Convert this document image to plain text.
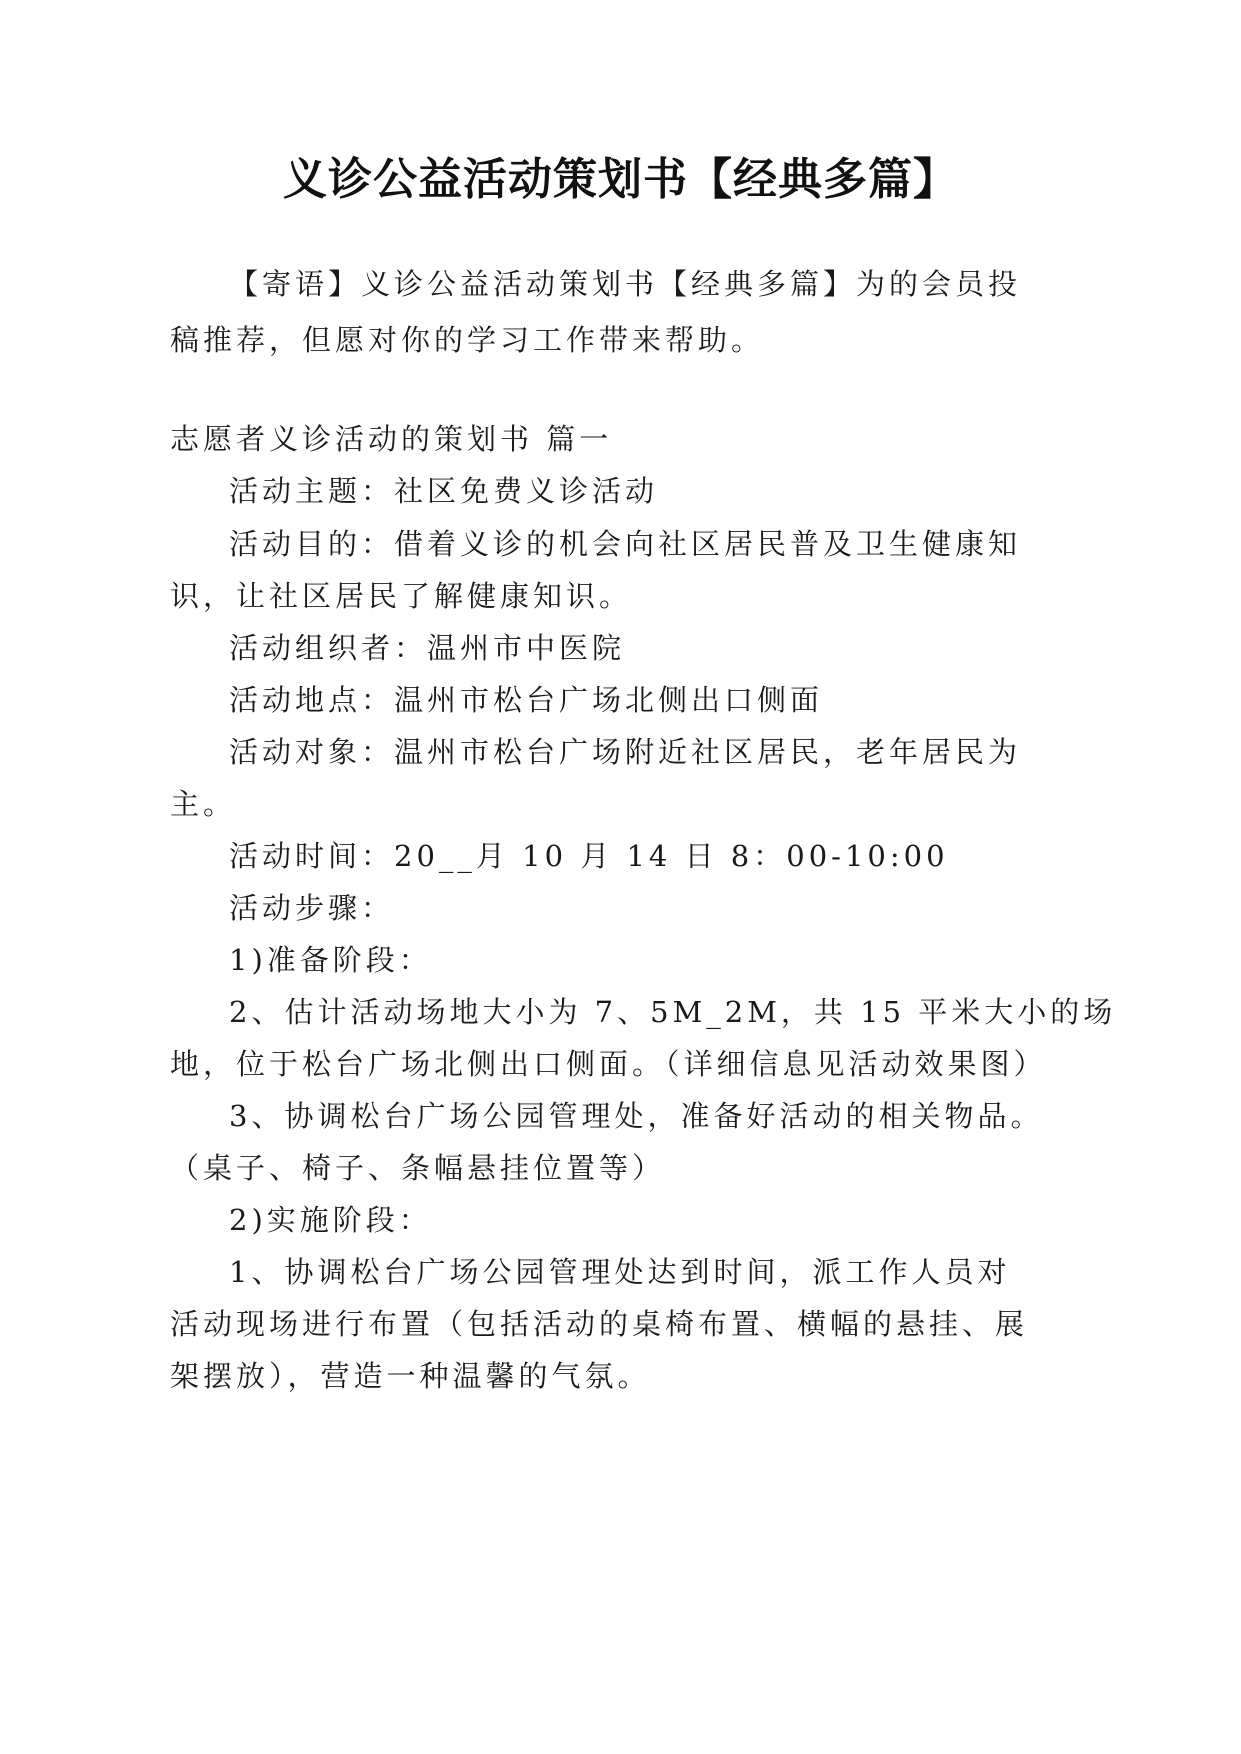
义诊公益活动策划书【经典多篇】
【寄语】义诊公益活动策划书【经典多篇】为的会员投
稿推荐，但愿对你的学习工作带来帮助。
志愿者义诊活动的策划书 篇一
活动主题：社区免费义诊活动
活动目的：借着义诊的机会向社区居民普及卫生健康知
识，让社区居民了解健康知识。
活动组织者：温州市中医院
活动地点：温州市松台广场北侧出口侧面
活动对象：温州市松台广场附近社区居民，老年居民为
主。
活动时间：20__月 10 月 14 日 8：00-10:00
活动步骤：
1)准备阶段：
2、估计活动场地大小为 7、5M_2M，共 15 平米大小的场
地，位于松台广场北侧出口侧面。（详细信息见活动效果图）
3、协调松台广场公园管理处，准备好活动的相关物品。
（桌子、椅子、条幅悬挂位置等）
2)实施阶段：
1、协调松台广场公园管理处达到时间，派工作人员对
活动现场进行布置（包括活动的桌椅布置、横幅的悬挂、展
架摆放），营造一种温馨的气氛。
